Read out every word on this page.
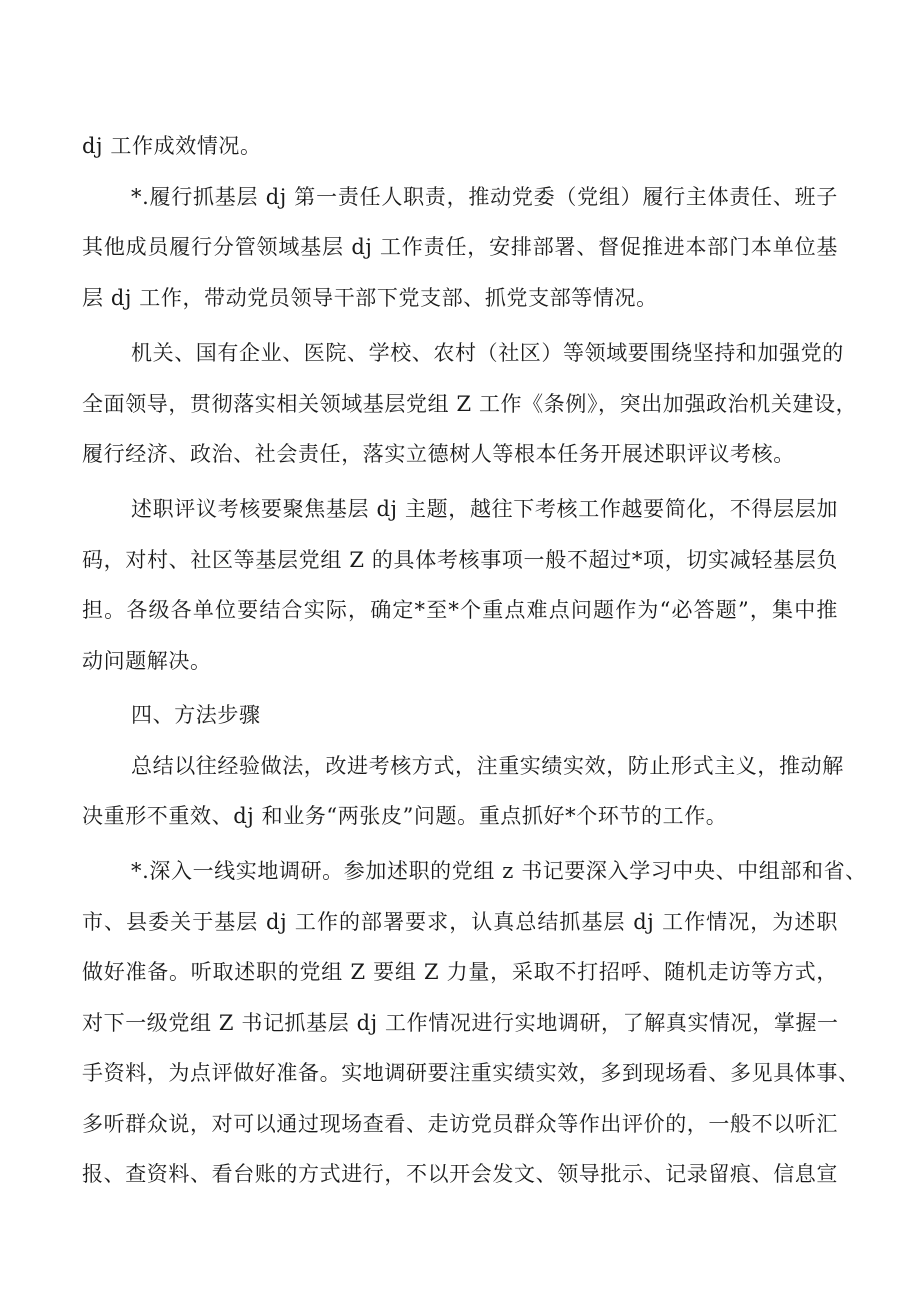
dj 工作成效情况。
*.履行抓基层 dj 第一责任人职责，推动党委（党组）履行主体责任、班子
其他成员履行分管领域基层 dj 工作责任，安排部署、督促推进本部门本单位基
层 dj 工作，带动党员领导干部下党支部、抓党支部等情况。
机关、国有企业、医院、学校、农村（社区）等领域要围绕坚持和加强党的
全面领导，贯彻落实相关领域基层党组 Z 工作《条例》，突出加强政治机关建设，
履行经济、政治、社会责任，落实立德树人等根本任务开展述职评议考核。
述职评议考核要聚焦基层 dj 主题，越往下考核工作越要简化，不得层层加
码，对村、社区等基层党组 Z 的具体考核事项一般不超过*项，切实减轻基层负
担。各级各单位要结合实际，确定*至*个重点难点问题作为“必答题”，集中推
动问题解决。
四、方法步骤
总结以往经验做法，改进考核方式，注重实绩实效，防止形式主义，推动解
决重形不重效、dj 和业务“两张皮”问题。重点抓好*个环节的工作。
*.深入一线实地调研。参加述职的党组 z 书记要深入学习中央、中组部和省、
市、县委关于基层 dj 工作的部署要求，认真总结抓基层 dj 工作情况，为述职
做好准备。听取述职的党组 Z 要组 Z 力量，采取不打招呼、随机走访等方式，
对下一级党组 Z 书记抓基层 dj 工作情况进行实地调研，了解真实情况，掌握一
手资料，为点评做好准备。实地调研要注重实绩实效，多到现场看、多见具体事、
多听群众说，对可以通过现场查看、走访党员群众等作出评价的，一般不以听汇
报、查资料、看台账的方式进行，不以开会发文、领导批示、记录留痕、信息宣
